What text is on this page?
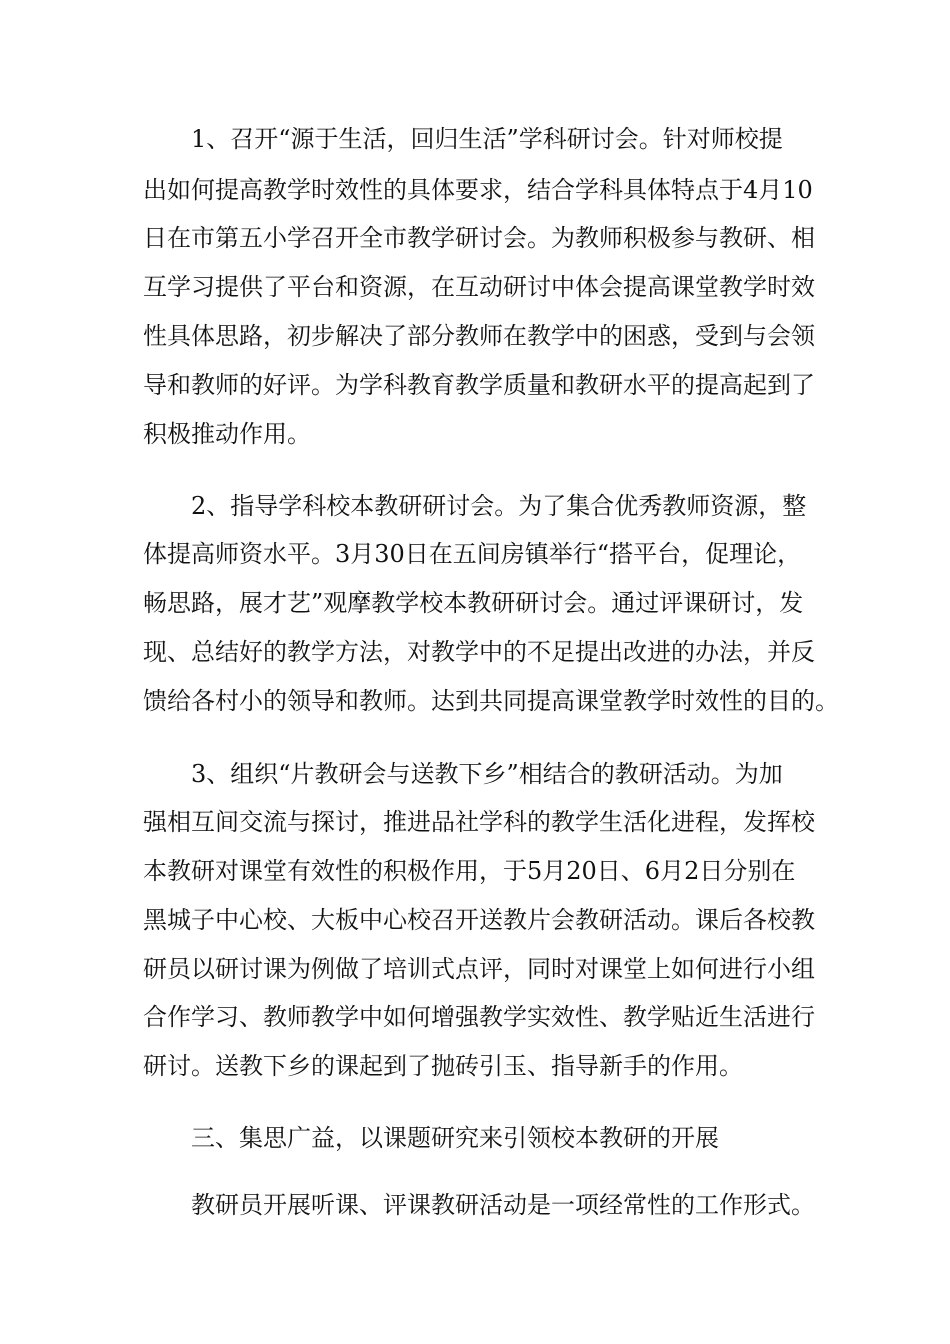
1、召开“源于生活，回归生活”学科研讨会。针对师校提
出如何提高教学时效性的具体要求，结合学科具体特点于4月10
日在市第五小学召开全市教学研讨会。为教师积极参与教研、相
互学习提供了平台和资源，在互动研讨中体会提高课堂教学时效
性具体思路，初步解决了部分教师在教学中的困惑，受到与会领
导和教师的好评。为学科教育教学质量和教研水平的提高起到了
积极推动作用。
2、指导学科校本教研研讨会。为了集合优秀教师资源，整
体提高师资水平。3月30日在五间房镇举行“搭平台，促理论，
畅思路，展才艺”观摩教学校本教研研讨会。通过评课研讨，发
现、总结好的教学方法，对教学中的不足提出改进的办法，并反
馈给各村小的领导和教师。达到共同提高课堂教学时效性的目的。
3、组织“片教研会与送教下乡”相结合的教研活动。为加
强相互间交流与探讨，推进品社学科的教学生活化进程，发挥校
本教研对课堂有效性的积极作用，于5月20日、6月2日分别在
黑城子中心校、大板中心校召开送教片会教研活动。课后各校教
研员以研讨课为例做了培训式点评，同时对课堂上如何进行小组
合作学习、教师教学中如何增强教学实效性、教学贴近生活进行
研讨。送教下乡的课起到了抛砖引玉、指导新手的作用。
三、集思广益，以课题研究来引领校本教研的开展
教研员开展听课、评课教研活动是一项经常性的工作形式。
